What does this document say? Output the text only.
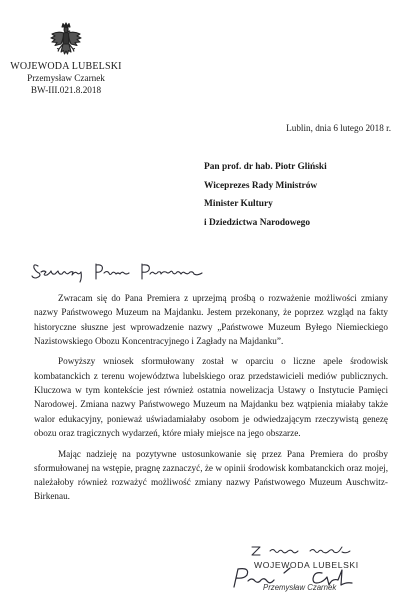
WOJEWODA LUBELSKI
Przemysław Czarnek
BW-III.021.8.2018
Lublin, dnia 6 lutego 2018 r.
Pan prof. dr hab. Piotr Gliński
Wiceprezes Rady Ministrów
Minister Kultury
i Dziedzictwa Narodowego

Zwracam się do Pana Premiera z uprzejmą prośbą o rozważenie możliwości zmiany nazwy Państwowego Muzeum na Majdanku. Jestem przekonany, że poprzez wzgląd na fakty historyczne słuszne jest wprowadzenie nazwy „Państwowe Muzeum Byłego Niemieckiego Nazistowskiego Obozu Koncentracyjnego i Zagłady na Majdanku”.

Powyższy wniosek sformułowany został w oparciu o liczne apele środowisk kombatanckich z terenu województwa lubelskiego oraz przedstawicieli mediów publicznych. Kluczowa w tym kontekście jest również ostatnia nowelizacja Ustawy o Instytucie Pamięci Narodowej. Zmiana nazwy Państwowego Muzeum na Majdanku bez wątpienia miałaby także walor edukacyjny, ponieważ uświadamiałaby osobom je odwiedzającym rzeczywistą genezę obozu oraz tragicznych wydarzeń, które miały miejsce na jego obszarze.

Mając nadzieję na pozytywne ustosunkowanie się przez Pana Premiera do prośby sformułowanej na wstępie, pragnę zaznaczyć, że w opinii środowisk kombatanckich oraz mojej, należałoby również rozważyć możliwość zmiany nazwy Państwowego Muzeum Auschwitz-Birkenau.

WOJEWODA LUBELSKI
Przemysław Czarnek
